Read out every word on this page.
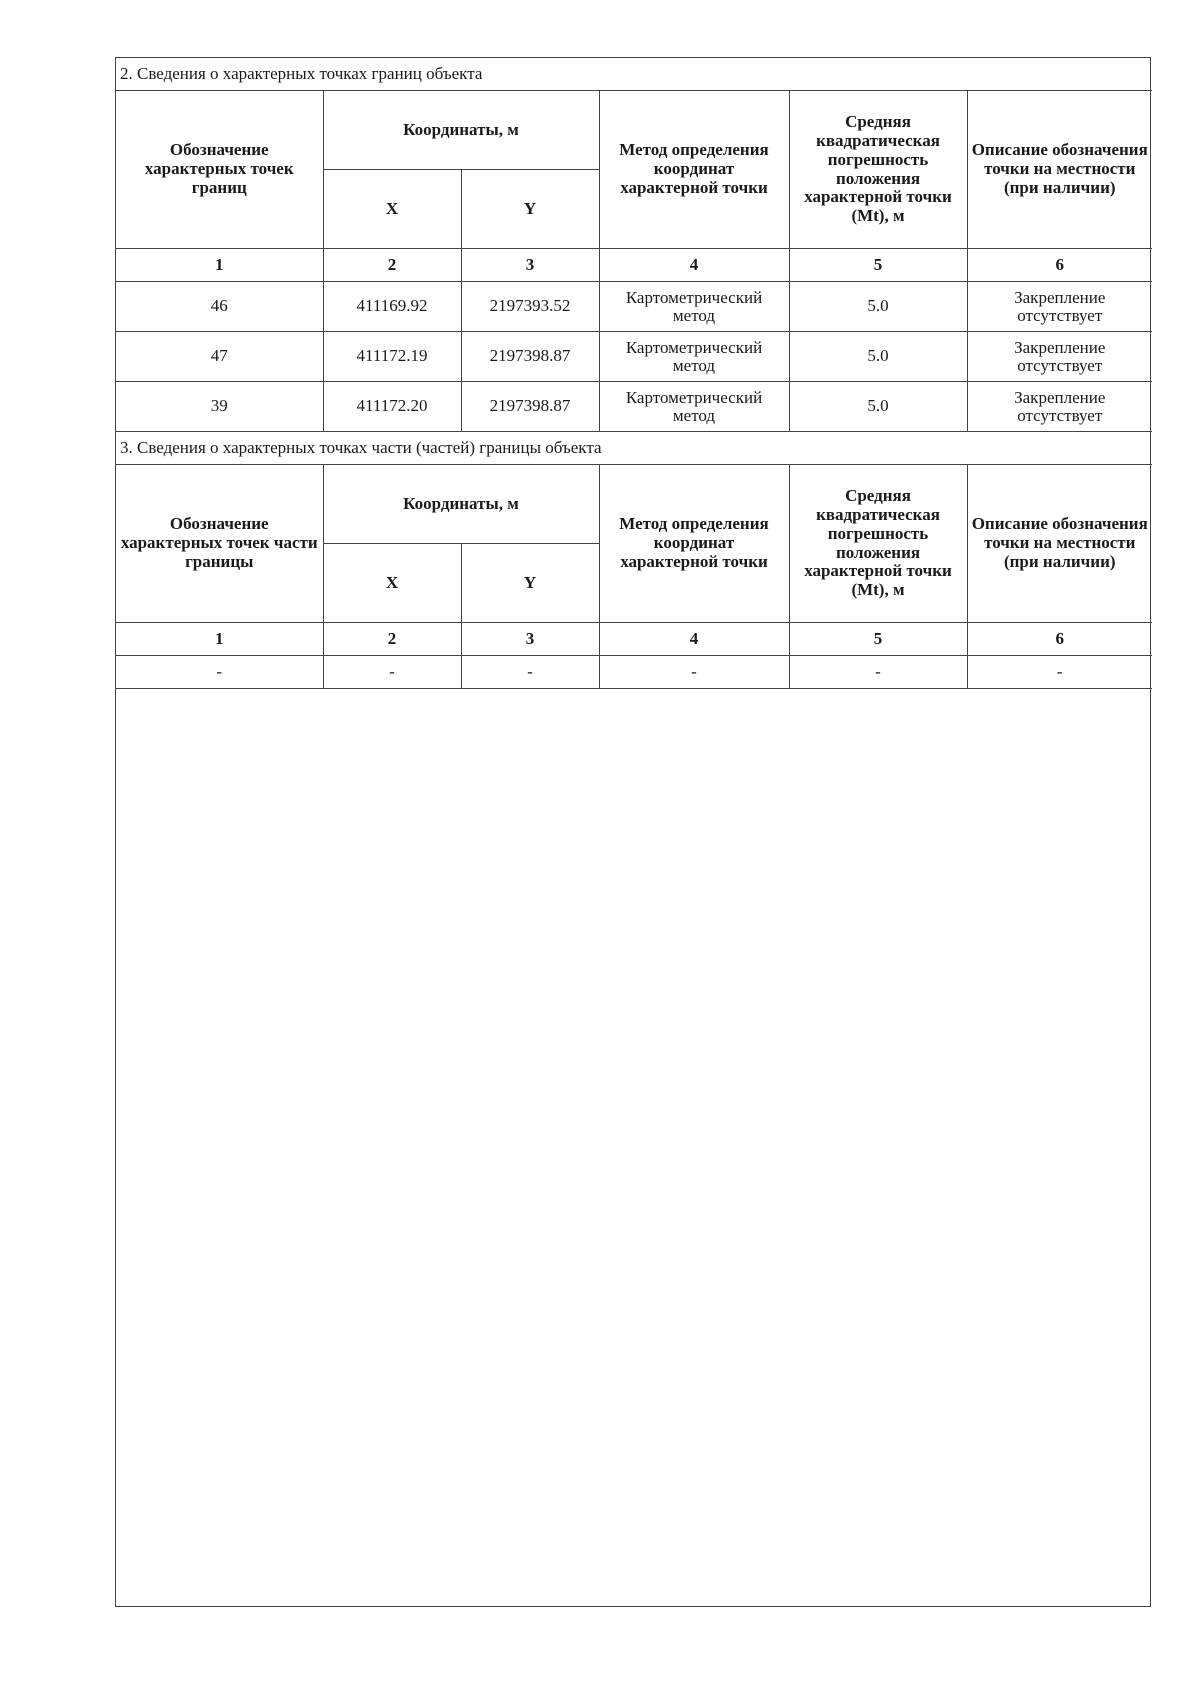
2. Сведения о характерных точках границ объекта					
Обозначение характерных точек границ	Координаты, м		Метод определения координат характерной точки	Средняя квадратическая погрешность положения характерной точки (Mt), м	Описание обозначения точки на местности (при наличии)
	X	Y			
1	2	3	4	5	6
46	411169.92	2197393.52	Картометрический метод	5.0	Закрепление отсутствует
47	411172.19	2197398.87	Картометрический метод	5.0	Закрепление отсутствует
39	411172.20	2197398.87	Картометрический метод	5.0	Закрепление отсутствует
3. Сведения о характерных точках части (частей) границы объекта					
Обозначение характерных точек части границы	Координаты, м		Метод определения координат характерной точки	Средняя квадратическая погрешность положения характерной точки (Mt), м	Описание обозначения точки на местности (при наличии)
	X	Y			
1	2	3	4	5	6
-	-	-	-	-	-
